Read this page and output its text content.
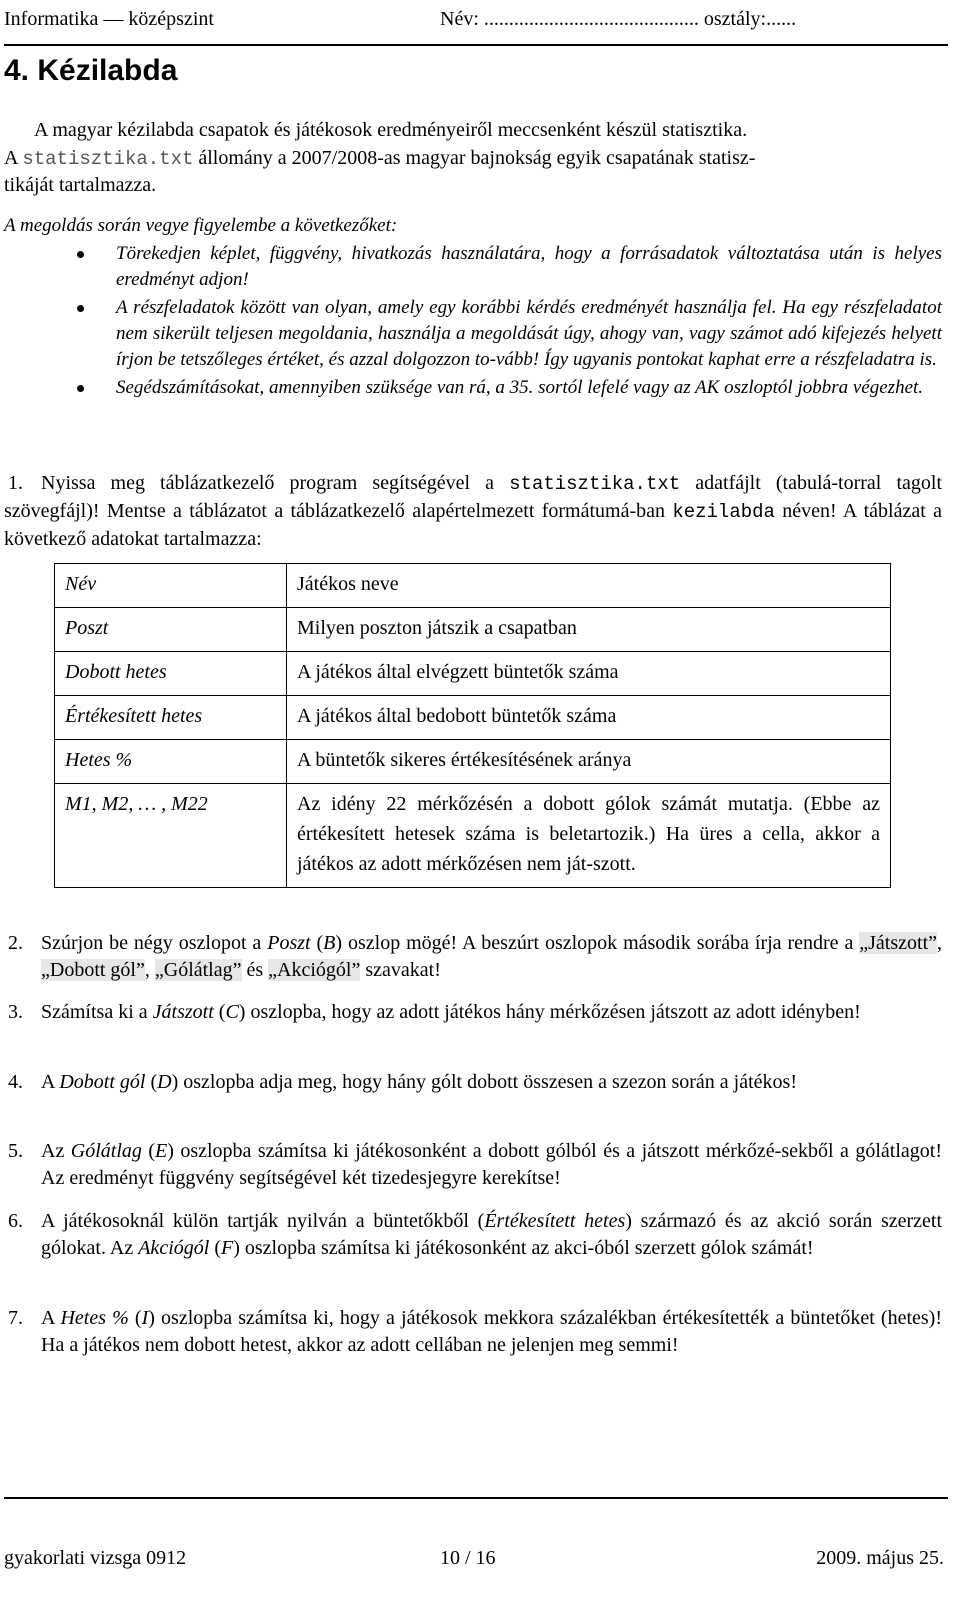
Informatika — középszint	Név: ........................................... osztály:......
4. Kézilabda
A magyar kézilabda csapatok és játékosok eredményeiről meccsenként készül statisztika.
A statisztika.txt állomány a 2007/2008-as magyar bajnokság egyik csapatának statisz-
tikáját tartalmazza.
A megoldás során vegye figyelembe a következőket:
Törekedjen képlet, függvény, hivatkozás használatára, hogy a forrásadatok változtatása után is helyes eredményt adjon!
A részfeladatok között van olyan, amely egy korábbi kérdés eredményét használja fel. Ha egy részfeladatot nem sikerült teljesen megoldania, használja a megoldását úgy, ahogy van, vagy számot adó kifejezés helyett írjon be tetszőleges értéket, és azzal dolgozzon to-vább! Így ugyanis pontokat kaphat erre a részfeladatra is.
Segédszámításokat, amennyiben szüksége van rá, a 35. sortól lefelé vagy az AK oszloptól jobbra végezhet.
1. Nyissa meg táblázatkezelő program segítségével a statisztika.txt adatfájlt (tabulá-torral tagolt szövegfájl)! Mentse a táblázatot a táblázatkezelő alapértelmezett formátumá-ban kezilabda néven! A táblázat a következő adatokat tartalmazza:
Név	Játékos neve
Poszt	Milyen poszton játszik a csapatban
Dobott hetes	A játékos által elvégzett büntetők száma
Értékesített hetes	A játékos által bedobott büntetők száma
Hetes %	A büntetők sikeres értékesítésének aránya
M1, M2, … , M22	Az idény 22 mérkőzésén a dobott gólok számát mutatja. (Ebbe az értékesített hetesek száma is beletartozik.) Ha üres a cella, akkor a játékos az adott mérkőzésen nem ját-szott.
2. Szúrjon be négy oszlopot a Poszt (B) oszlop mögé! A beszúrt oszlopok második sorába írja rendre a „Játszott”, „Dobott gól”, „Gólátlag” és „Akciógól” szavakat!
3. Számítsa ki a Játszott (C) oszlopba, hogy az adott játékos hány mérkőzésen játszott az adott idényben!
4. A Dobott gól (D) oszlopba adja meg, hogy hány gólt dobott összesen a szezon során a játékos!
5. Az Gólátlag (E) oszlopba számítsa ki játékosonként a dobott gólból és a játszott mérkőzé-sekből a gólátlagot! Az eredményt függvény segítségével két tizedesjegyre kerekítse!
6. A játékosoknál külön tartják nyilván a büntetőkből (Értékesített hetes) származó és az akció során szerzett gólokat. Az Akciógól (F) oszlopba számítsa ki játékosonként az akci-óból szerzett gólok számát!
7. A Hetes % (I) oszlopba számítsa ki, hogy a játékosok mekkora százalékban értékesítették a büntetőket (hetes)! Ha a játékos nem dobott hetest, akkor az adott cellában ne jelenjen meg semmi!
gyakorlati vizsga 0912	10 / 16	2009. május 25.
